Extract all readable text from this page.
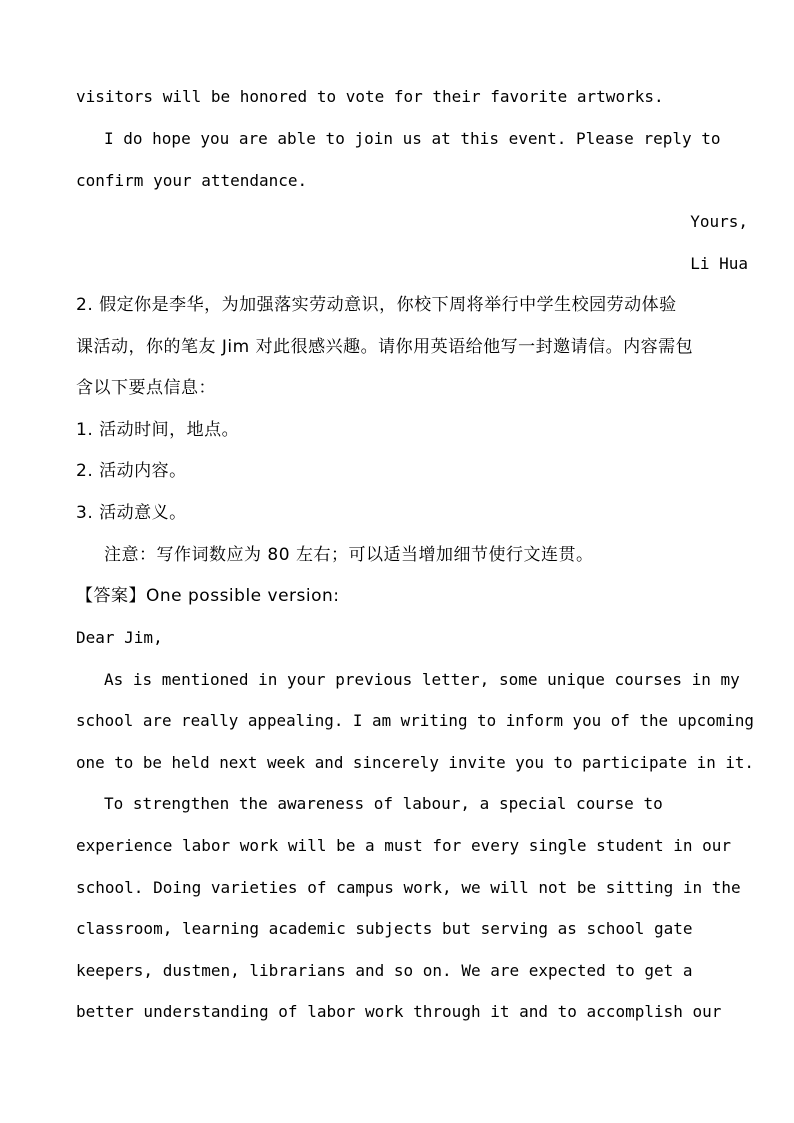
visitors will be honored to vote for their favorite artworks.
I do hope you are able to join us at this event. Please reply to
confirm your attendance.
Yours,
Li Hua
2. 假定你是李华，为加强落实劳动意识，你校下周将举行中学生校园劳动体验
课活动，你的笔友 Jim 对此很感兴趣。请你用英语给他写一封邀请信。内容需包
含以下要点信息：
1. 活动时间，地点。
2. 活动内容。
3. 活动意义。
注意：写作词数应为 80 左右；可以适当增加细节使行文连贯。
【答案】One possible version:
Dear Jim,
As is mentioned in your previous letter, some unique courses in my
school are really appealing. I am writing to inform you of the upcoming
one to be held next week and sincerely invite you to participate in it.
To strengthen the awareness of labour, a special course to
experience labor work will be a must for every single student in our
school. Doing varieties of campus work, we will not be sitting in the
classroom, learning academic subjects but serving as school gate
keepers, dustmen, librarians and so on. We are expected to get a
better understanding of labor work through it and to accomplish our
